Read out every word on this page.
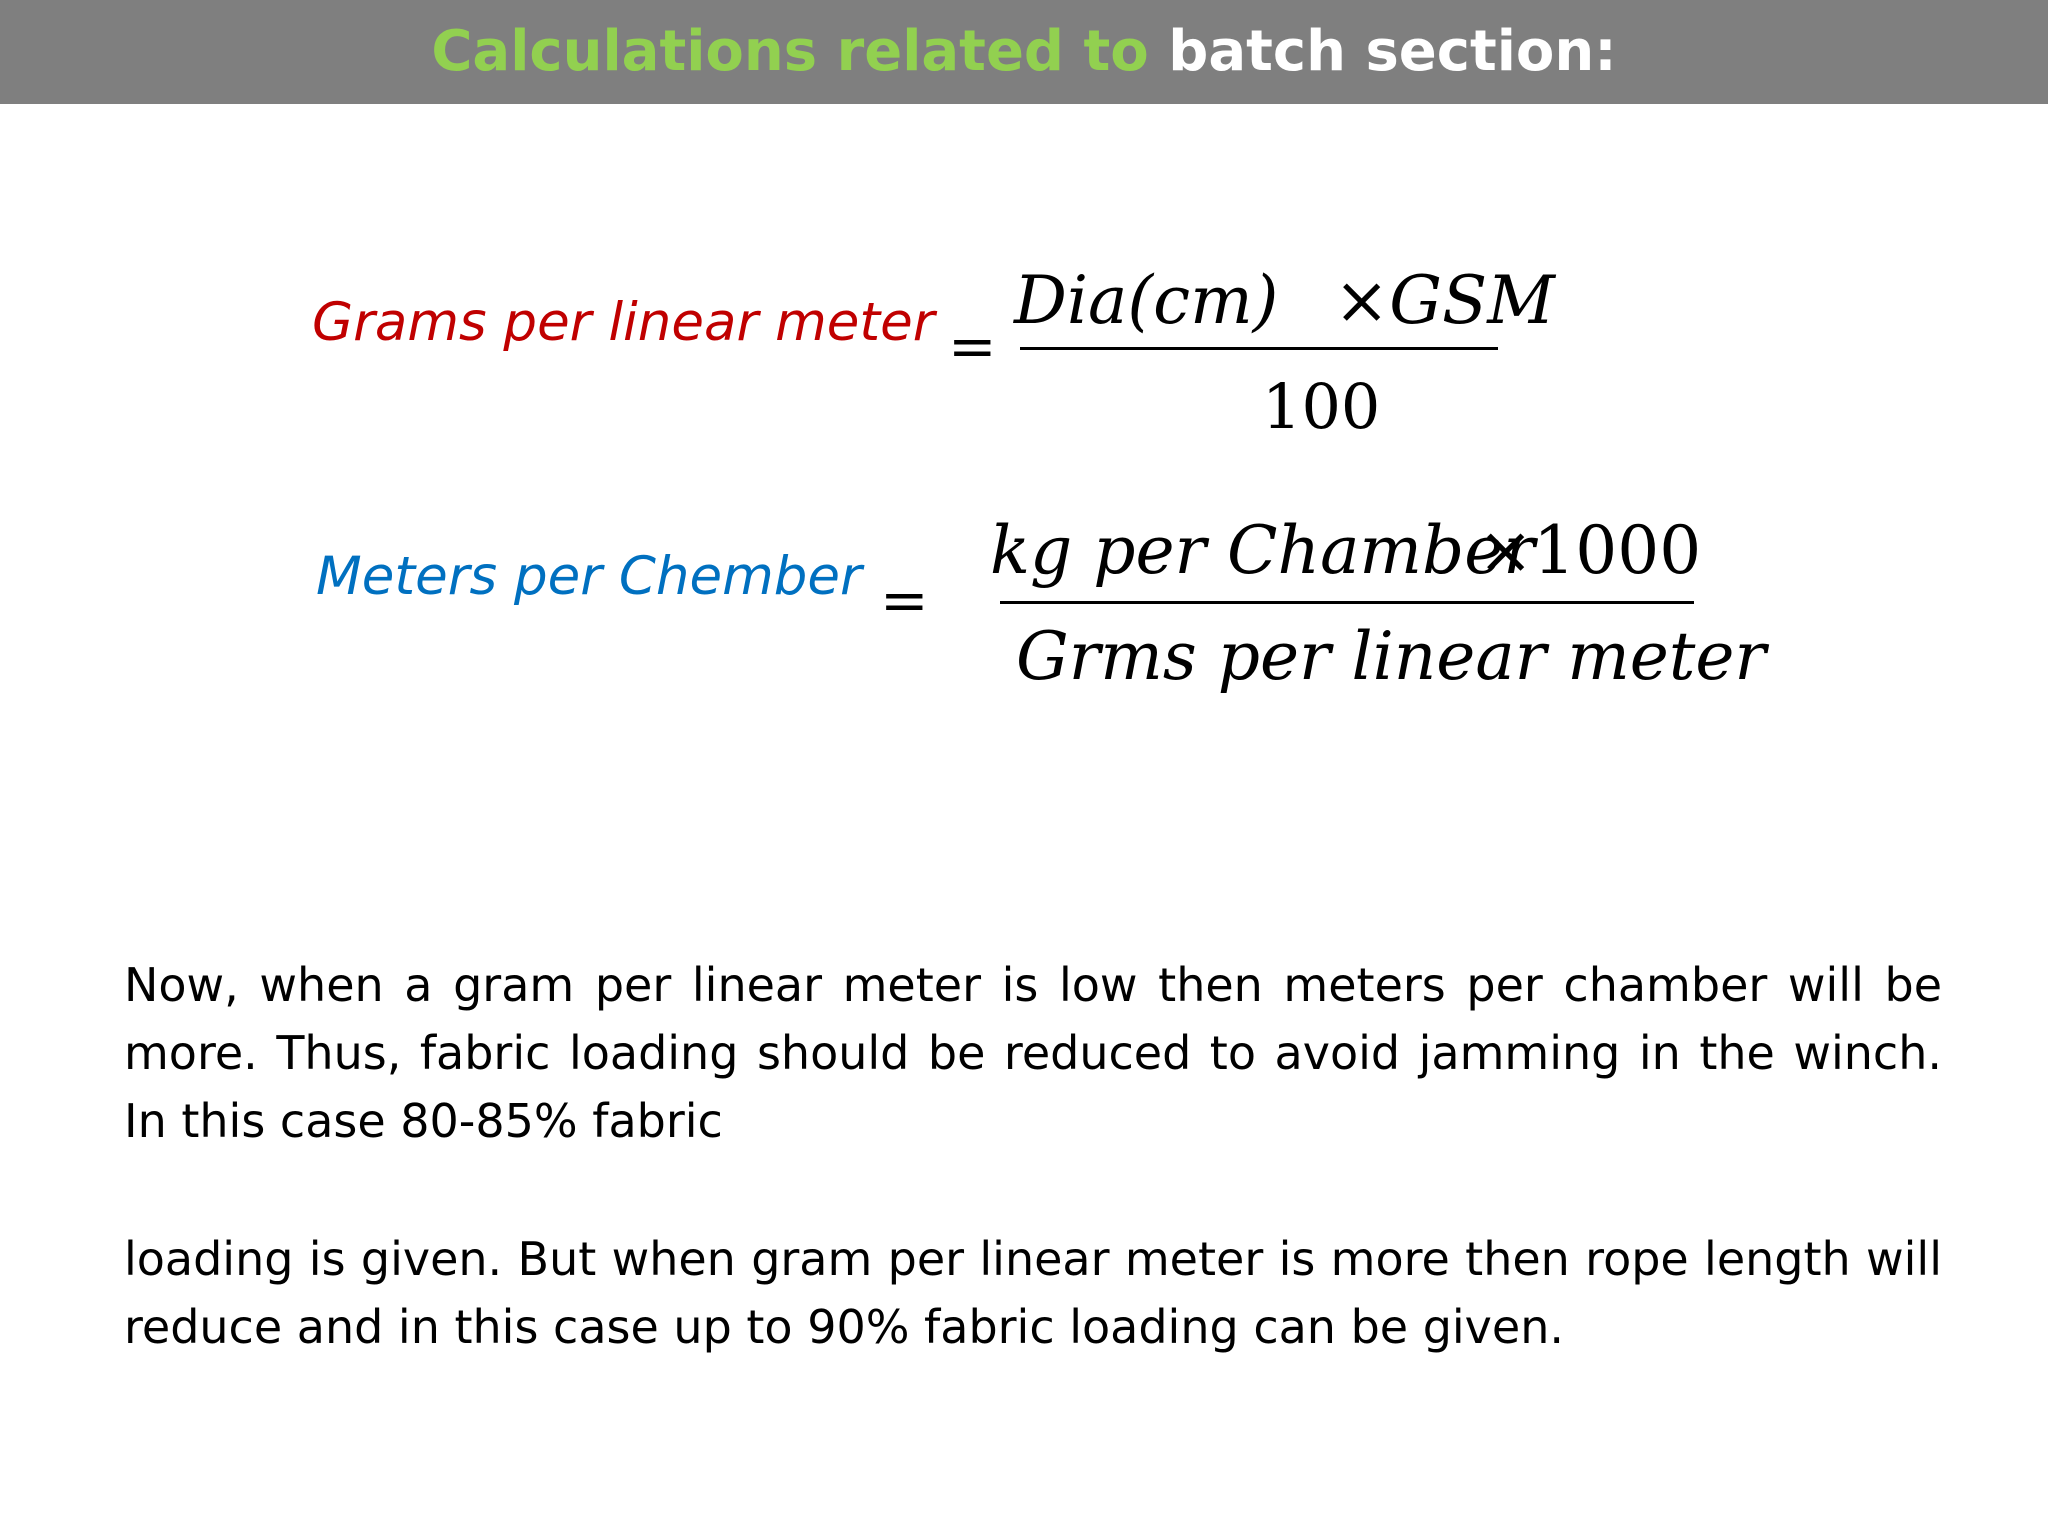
Calculations related to batch section:
Grams per linear meter =
Dia(cm) ×GSM
100
Meters per Chember =
kg per Chamber
×1000
Grms per linear meter
Now, when a gram per linear meter is low then meters per chamber will be more. Thus, fabric loading should be reduced to avoid jamming in the winch. In this case 80-85% fabric
loading is given. But when gram per linear meter is more then rope length will reduce and in this case up to 90% fabric loading can be given.
